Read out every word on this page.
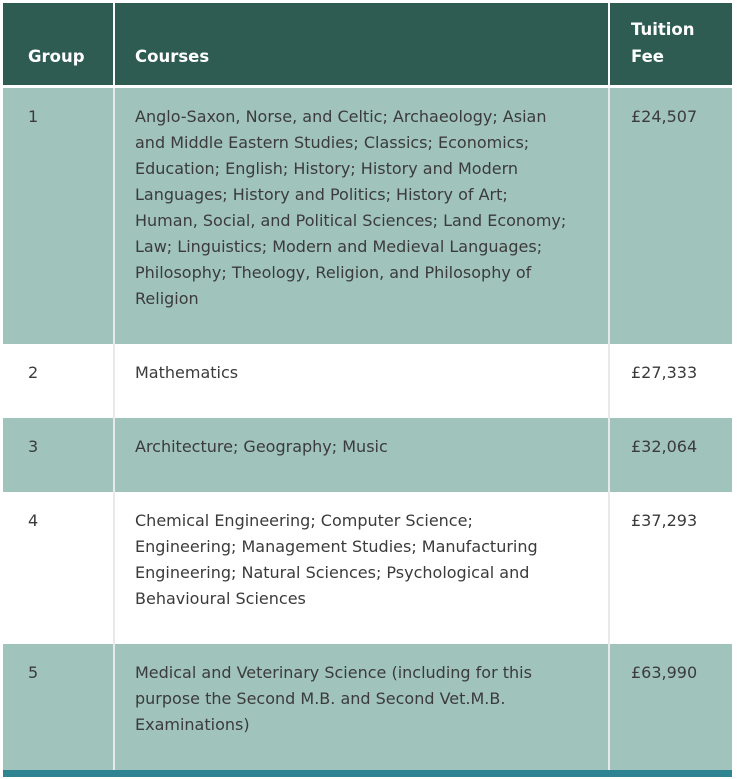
Group	Courses	Tuition Fee
1	Anglo-Saxon, Norse, and Celtic; Archaeology; Asian and Middle Eastern Studies; Classics; Economics; Education; English; History; History and Modern Languages; History and Politics; History of Art; Human, Social, and Political Sciences; Land Economy; Law; Linguistics; Modern and Medieval Languages; Philosophy; Theology, Religion, and Philosophy of Religion	£24,507
2	Mathematics	£27,333
3	Architecture; Geography; Music	£32,064
4	Chemical Engineering; Computer Science; Engineering; Management Studies; Manufacturing Engineering; Natural Sciences; Psychological and Behavioural Sciences	£37,293
5	Medical and Veterinary Science (including for this purpose the Second M.B. and Second Vet.M.B. Examinations)	£63,990
